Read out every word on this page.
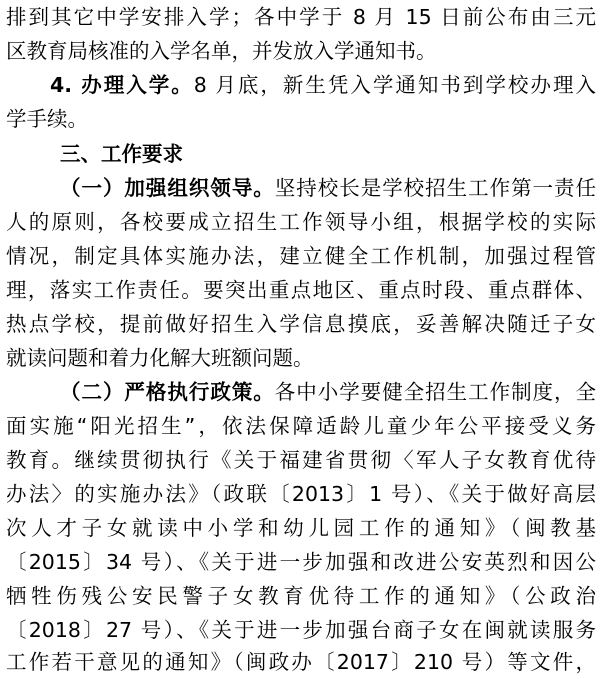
排到其它中学安排入学；各中学于 8 月 15 日前公布由三元
区教育局核准的入学名单，并发放入学通知书。
4. 办理入学。8 月底，新生凭入学通知书到学校办理入
学手续。
三、工作要求
（一）加强组织领导。坚持校长是学校招生工作第一责任
人的原则，各校要成立招生工作领导小组，根据学校的实际
情况，制定具体实施办法，建立健全工作机制，加强过程管
理，落实工作责任。要突出重点地区、重点时段、重点群体、
热点学校，提前做好招生入学信息摸底，妥善解决随迁子女
就读问题和着力化解大班额问题。
（二）严格执行政策。各中小学要健全招生工作制度，全
面实施“阳光招生”，依法保障适龄儿童少年公平接受义务
教育。继续贯彻执行《关于福建省贯彻〈军人子女教育优待
办法〉的实施办法》（政联〔2013〕1 号）、《关于做好高层
次人才子女就读中小学和幼儿园工作的通知》（闽教基
〔2015〕34 号）、《关于进一步加强和改进公安英烈和因公
牺牲伤残公安民警子女教育优待工作的通知》（公政治
〔2018〕27 号）、《关于进一步加强台商子女在闽就读服务
工作若干意见的通知》（闽政办〔2017〕210 号）等文件，
